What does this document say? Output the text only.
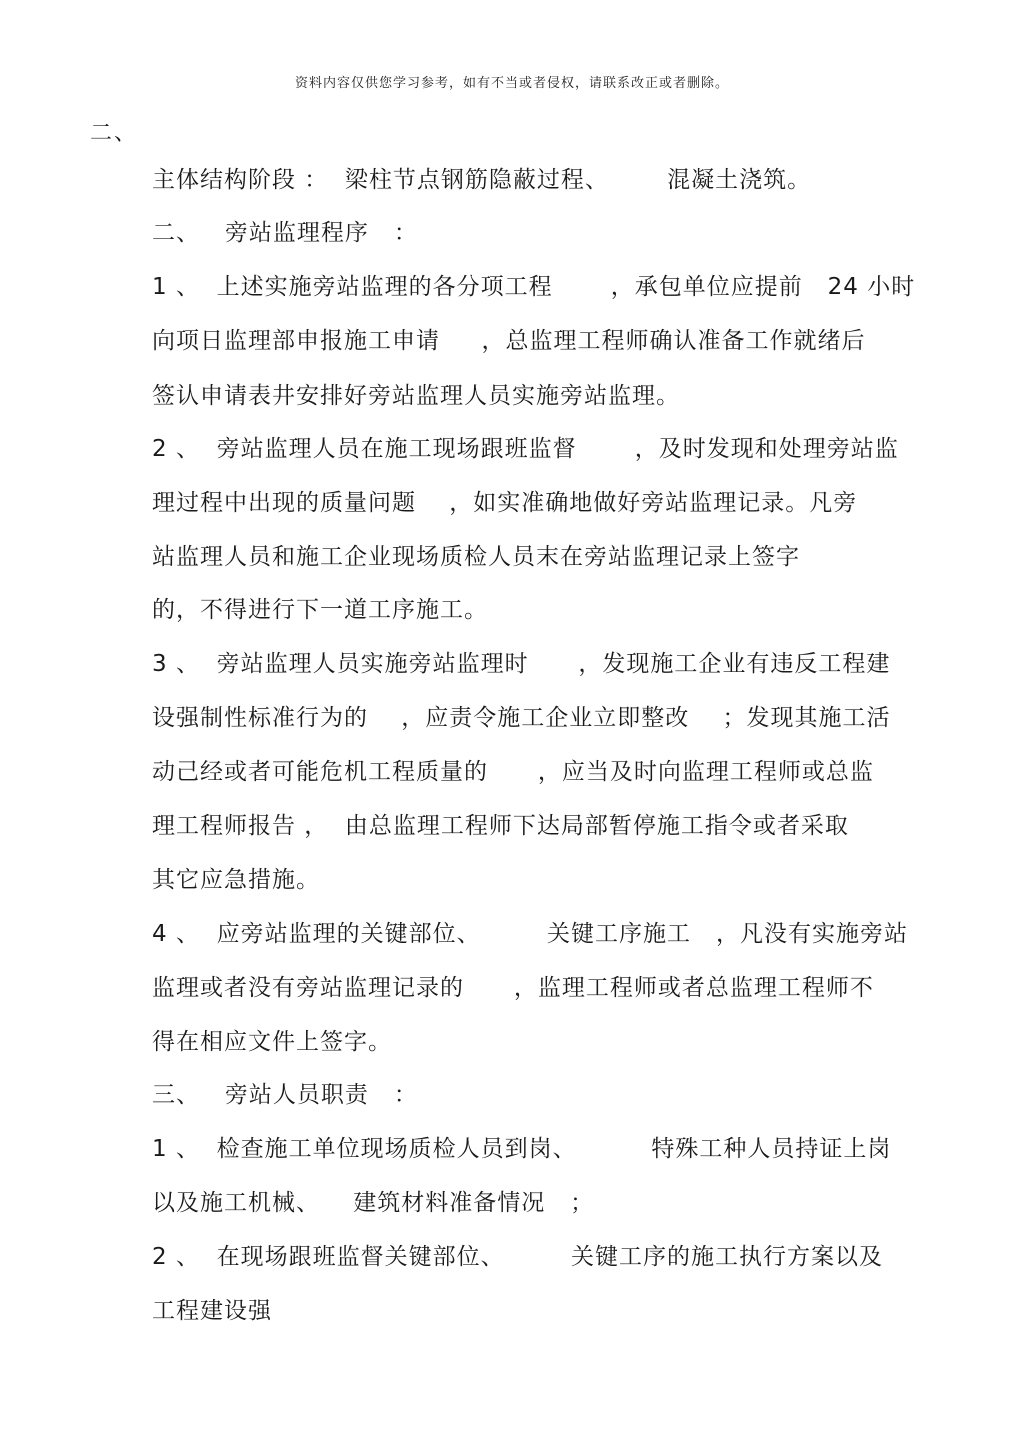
资料内容仅供您学习参考，如有不当或者侵权，请联系改正或者删除。
二、
主体结构阶段 ：  梁柱节点钢筋隐蔽过程、       混凝土浇筑。
二、   旁站监理程序   ：
1 、  上述实施旁站监理的各分项工程       ，承包单位应提前   24 小时
向项日监理部申报施工申请     ，总监理工程师确认准备工作就绪后
签认申请表井安排好旁站监理人员实施旁站监理。
2 、  旁站监理人员在施工现场跟班监督       ，及时发现和处理旁站监
理过程中出现的质量问题    ，如实准确地做好旁站监理记录。凡旁
站监理人员和施工企业现场质检人员末在旁站监理记录上签字
的，不得进行下一道工序施工。
3 、  旁站监理人员实施旁站监理时      ，发现施工企业有违反工程建
设强制性标准行为的    ，应责令施工企业立即整改    ；发现其施工活
动己经或者可能危机工程质量的      ，应当及时向监理工程师或总监
理工程师报告 ，  由总监理工程师下达局部暂停施工指令或者采取
其它应急措施。
4 、  应旁站监理的关键部位、        关键工序施工   ，凡没有实施旁站
监理或者没有旁站监理记录的      ，监理工程师或者总监理工程师不
得在相应文件上签字。
三、   旁站人员职责   ：
1 、  检查施工单位现场质检人员到岗、         特殊工种人员持证上岗
以及施工机械、    建筑材料准备情况   ；
2 、  在现场跟班监督关键部位、        关键工序的施工执行方案以及
工程建设强
